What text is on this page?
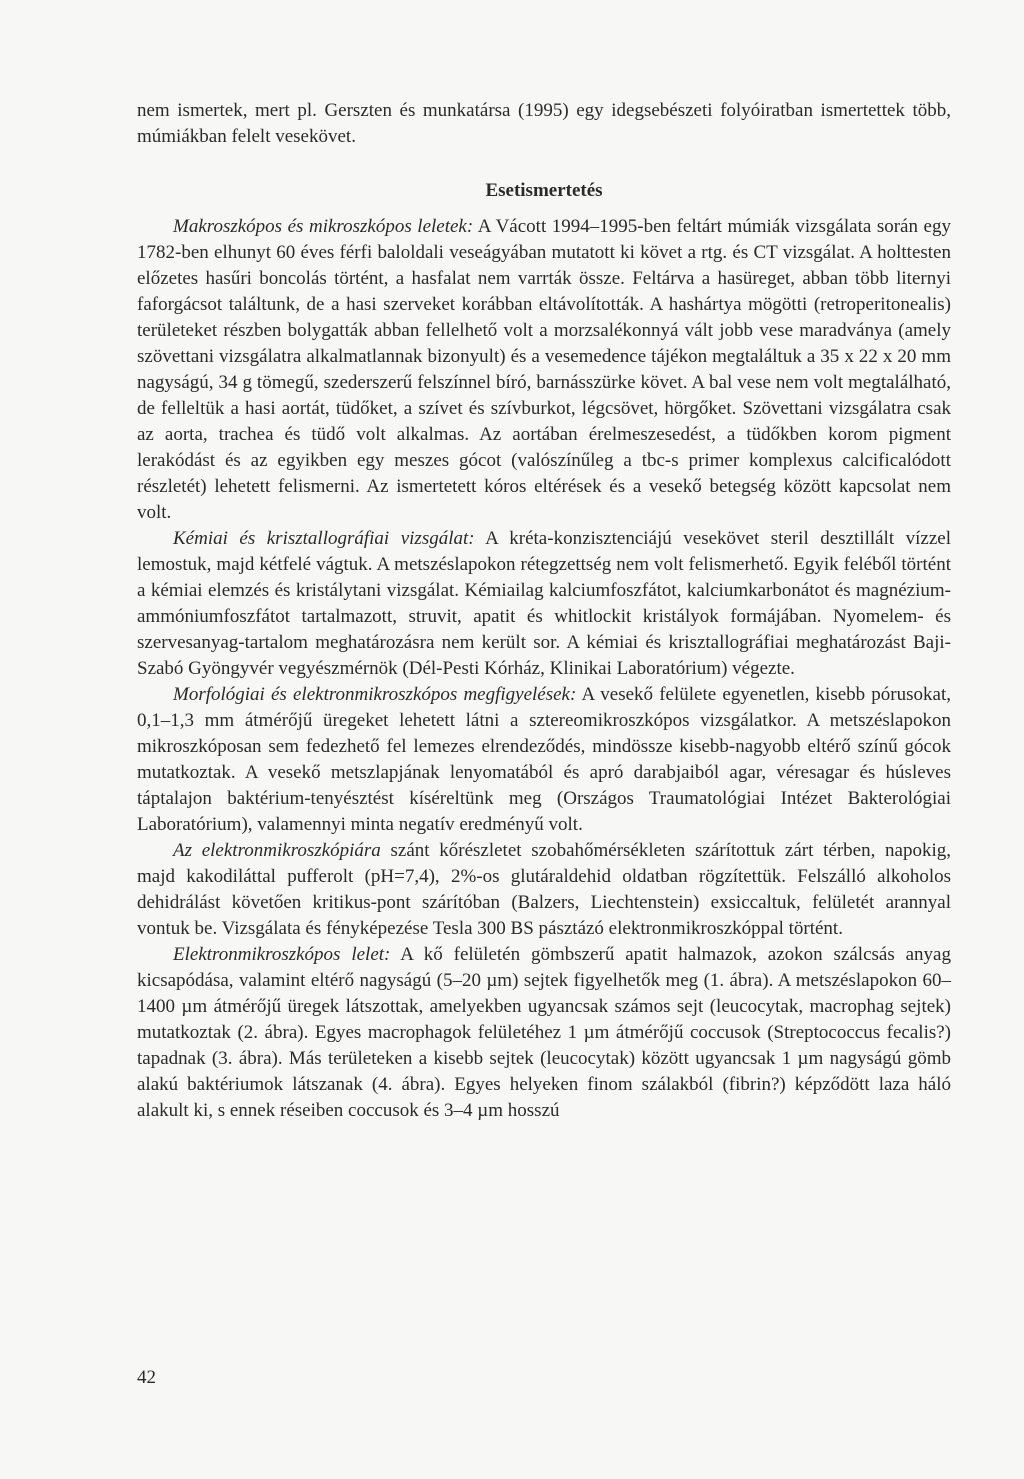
nem ismertek, mert pl. Gerszten és munkatársa (1995) egy idegsebészeti folyóiratban ismertettek több, múmiákban felelt vesekövet.

Esetismertetés

Makroszkópos és mikroszkópos leletek: A Vácott 1994–1995-ben feltárt múmiák vizsgálata során egy 1782-ben elhunyt 60 éves férfi baloldali veseágyában mutatott ki követ a rtg. és CT vizsgálat. A holttesten előzetes hasűri boncolás történt, a hasfalat nem varrták össze. Feltárva a hasüreget, abban több liternyi faforgácsot találtunk, de a hasi szerveket korábban eltávolították. A hashártya mögötti (retroperitonealis) területeket részben bolygatták abban fellelhető volt a morzsalékonnyá vált jobb vese maradványa (amely szövettani vizsgálatra alkalmatlannak bizonyult) és a vesemedence tájékon megtaláltuk a 35 x 22 x 20 mm nagyságú, 34 g tömegű, szederszerű felszínnel bíró, barnásszürke követ. A bal vese nem volt megtalálható, de felleltük a hasi aortát, tüdőket, a szívet és szívburkot, légcsövet, hörgőket. Szövettani vizsgálatra csak az aorta, trachea és tüdő volt alkalmas. Az aortában érelmeszesedést, a tüdőkben korom pigment lerakódást és az egyikben egy meszes gócot (valószínűleg a tbc-s primer komplexus calcificalódott részletét) lehetett felismerni. Az ismertetett kóros eltérések és a vesekő betegség között kapcsolat nem volt.

Kémiai és krisztallográfiai vizsgálat: A kréta-konzisztenciájú vesekövet steril desztillált vízzel lemostuk, majd kétfelé vágtuk. A metszéslapokon rétegzettség nem volt felismerhető. Egyik feléből történt a kémiai elemzés és kristálytani vizsgálat. Kémiailag kalciumfoszfátot, kalciumkarbonátot és magnézium-ammóniumfoszfátot tartalmazott, struvit, apatit és whitlockit kristályok formájában. Nyomelem- és szervesanyag-tartalom meghatározásra nem került sor. A kémiai és krisztallográfiai meghatározást Baji-Szabó Gyöngyvér vegyészmérnök (Dél-Pesti Kórház, Klinikai Laboratórium) végezte.

Morfológiai és elektronmikroszkópos megfigyelések: A vesekő felülete egyenetlen, kisebb pórusokat, 0,1–1,3 mm átmérőjű üregeket lehetett látni a sztereomikroszkópos vizsgálatkor. A metszéslapokon mikroszkóposan sem fedezhető fel lemezes elrendeződés, mindössze kisebb-nagyobb eltérő színű gócok mutatkoztak. A vesekő metszlapjának lenyomatából és apró darabjaiból agar, véresagar és húsleves táptalajon baktérium-tenyésztést kíséreltünk meg (Országos Traumatológiai Intézet Bakterológiai Laboratórium), valamennyi minta negatív eredményű volt.

Az elektronmikroszkópiára szánt kőrészletet szobahőmérsékleten szárítottuk zárt térben, napokig, majd kakodiláttal pufferolt (pH=7,4), 2%-os glutáraldehid oldatban rögzítettük. Felszálló alkoholos dehidrálást követően kritikus-pont szárítóban (Balzers, Liechtenstein) exsiccaltuk, felületét arannyal vontuk be. Vizsgálata és fényképezése Tesla 300 BS pásztázó elektronmikroszkóppal történt.

Elektronmikroszkópos lelet: A kő felületén gömbszerű apatit halmazok, azokon szálcsás anyag kicsapódása, valamint eltérő nagyságú (5–20 µm) sejtek figyelhetők meg (1. ábra). A metszéslapokon 60–1400 µm átmérőjű üregek látszottak, amelyekben ugyancsak számos sejt (leucocytak, macrophag sejtek) mutatkoztak (2. ábra). Egyes macrophagok felületéhez 1 µm átmérőjű coccusok (Streptococcus fecalis?) tapadnak (3. ábra). Más területeken a kisebb sejtek (leucocytak) között ugyancsak 1 µm nagyságú gömb alakú baktériumok látszanak (4. ábra). Egyes helyeken finom szálakból (fibrin?) képződött laza háló alakult ki, s ennek réseiben coccusok és 3–4 µm hosszú

42
